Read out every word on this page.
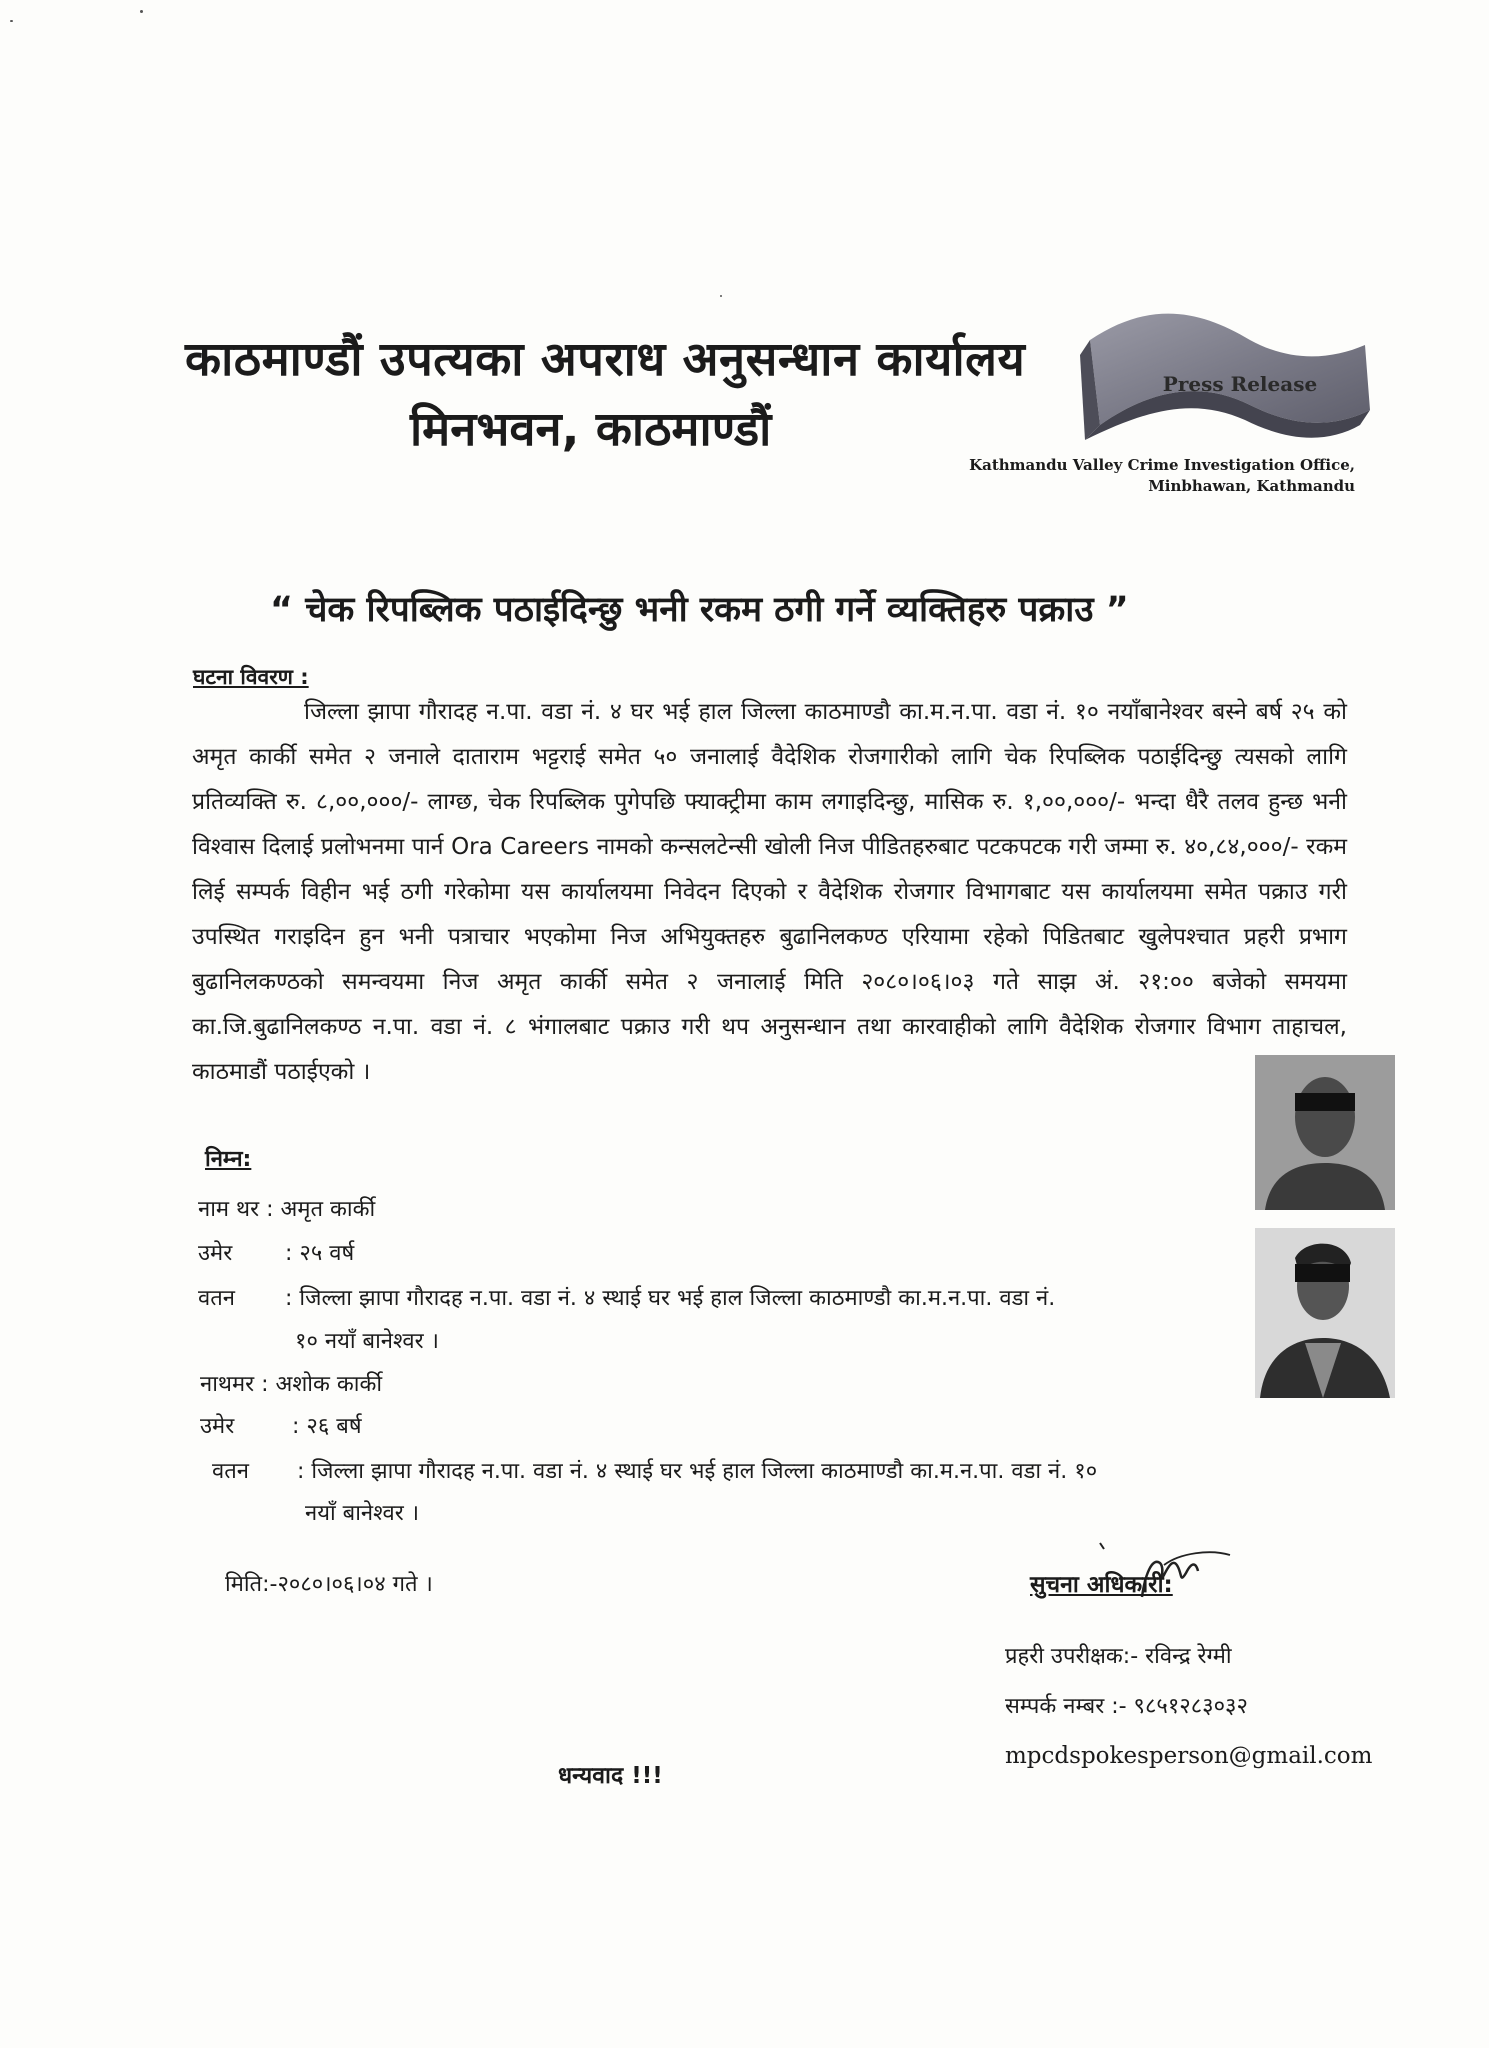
काठमाण्डौं उपत्यका अपराध अनुसन्धान कार्यालय
मिनभवन, काठमाण्डौं
Press Release
Kathmandu Valley Crime Investigation Office,
Minbhawan, Kathmandu
“ चेक रिपब्लिक पठाईदिन्छु भनी रकम ठगी गर्ने व्यक्तिहरु पक्राउ ”
घटना विवरण :
जिल्ला झापा गौरादह न.पा. वडा नं. ४ घर भई हाल जिल्ला काठमाण्डौ का.म.न.पा. वडा नं. १० नयाँबानेश्वर बस्ने बर्ष २५ को अमृत कार्की समेत २ जनाले दाताराम भट्टराई समेत ५० जनालाई वैदेशिक रोजगारीको लागि चेक रिपब्लिक पठाईदिन्छु त्यसको लागि प्रतिव्यक्ति रु. ८,००,०००/- लाग्छ, चेक रिपब्लिक पुगेपछि फ्याक्ट्रीमा काम लगाइदिन्छु, मासिक रु. १,००,०००/- भन्दा धैरै तलव हुन्छ भनी विश्वास दिलाई प्रलोभनमा पार्न Ora Careers नामको कन्सलटेन्सी खोली निज पीडितहरुबाट पटकपटक गरी जम्मा रु. ४०,८४,०००/- रकम लिई सम्पर्क विहीन भई ठगी गरेकोमा यस कार्यालयमा निवेदन दिएको र वैदेशिक रोजगार विभागबाट यस कार्यालयमा समेत पक्राउ गरी उपस्थित गराइदिन हुन भनी पत्राचार भएकोमा निज अभियुक्तहरु बुढानिलकण्ठ एरियामा रहेको पिडितबाट खुलेपश्चात प्रहरी प्रभाग बुढानिलकण्ठको समन्वयमा निज अमृत कार्की समेत २ जनालाई मिति २०८०।०६।०३ गते साझ अं. २१:०० बजेको समयमा का.जि.बुढानिलकण्ठ न.पा. वडा नं. ८ भंगालबाट पक्राउ गरी थप अनुसन्धान तथा कारवाहीको लागि वैदेशिक रोजगार विभाग ताहाचल, काठमाडौं पठाईएको ।
निम्न:
नाम थर : अमृत कार्की
उमेर : २५ वर्ष
वतन : जिल्ला झापा गौरादह न.पा. वडा नं. ४ स्थाई घर भई हाल जिल्ला काठमाण्डौ का.म.न.पा. वडा नं.
१० नयाँ बानेश्वर ।
नाथमर : अशोक कार्की
उमेर	: २६ बर्ष
वतन : जिल्ला झापा गौरादह न.पा. वडा नं. ४ स्थाई घर भई हाल जिल्ला काठमाण्डौ का.म.न.पा. वडा नं. १०
नयाँ बानेश्वर ।
मिति:-२०८०।०६।०४ गते ।	सुचना अधिकारी:
प्रहरी उपरीक्षक:- रविन्द्र रेग्मी
सम्पर्क नम्बर :- ९८५१२८३०३२
mpcdspokesperson@gmail.com
धन्यवाद !!!
